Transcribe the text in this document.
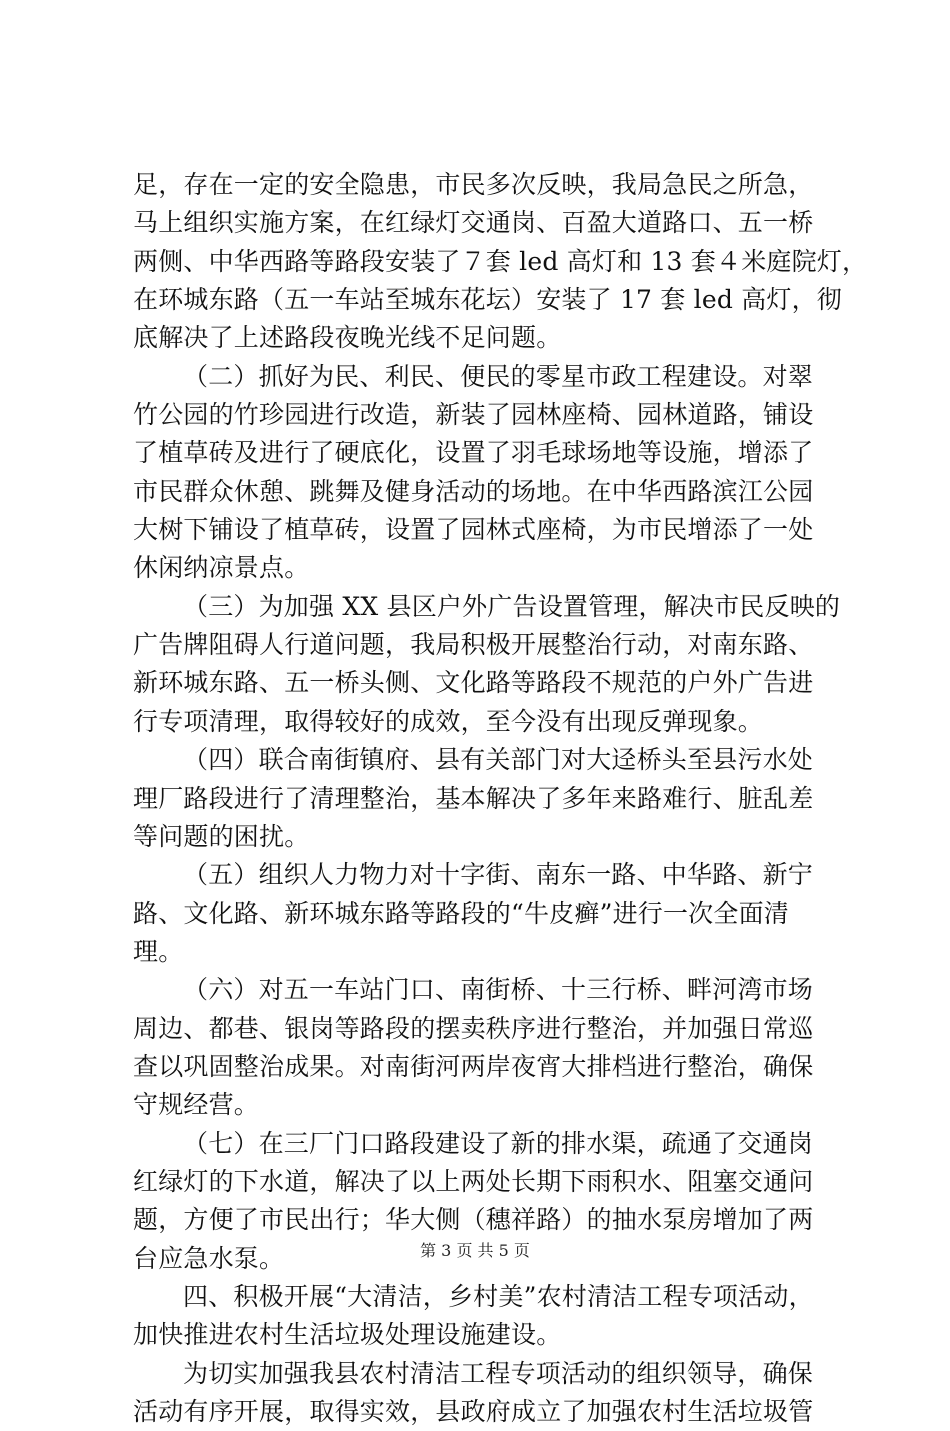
足，存在一定的安全隐患，市民多次反映，我局急民之所急，
马上组织实施方案，在红绿灯交通岗、百盈大道路口、五一桥
两侧、中华西路等路段安装了７套 led 高灯和 13 套４米庭院灯，
在环城东路（五一车站至城东花坛）安装了 17 套 led 高灯，彻
底解决了上述路段夜晚光线不足问题。
（二）抓好为民、利民、便民的零星市政工程建设。对翠
竹公园的竹珍园进行改造，新装了园林座椅、园林道路，铺设
了植草砖及进行了硬底化，设置了羽毛球场地等设施，增添了
市民群众休憩、跳舞及健身活动的场地。在中华西路滨江公园
大树下铺设了植草砖，设置了园林式座椅，为市民增添了一处
休闲纳凉景点。
（三）为加强 XX 县区户外广告设置管理，解决市民反映的
广告牌阻碍人行道问题，我局积极开展整治行动，对南东路、
新环城东路、五一桥头侧、文化路等路段不规范的户外广告进
行专项清理，取得较好的成效，至今没有出现反弹现象。
（四）联合南街镇府、县有关部门对大迳桥头至县污水处
理厂路段进行了清理整治，基本解决了多年来路难行、脏乱差
等问题的困扰。
（五）组织人力物力对十字街、南东一路、中华路、新宁
路、文化路、新环城东路等路段的“牛皮癣”进行一次全面清
理。
（六）对五一车站门口、南街桥、十三行桥、畔河湾市场
周边、都巷、银岗等路段的摆卖秩序进行整治，并加强日常巡
查以巩固整治成果。对南街河两岸夜宵大排档进行整治，确保
守规经营。
（七）在三厂门口路段建设了新的排水渠，疏通了交通岗
红绿灯的下水道，解决了以上两处长期下雨积水、阻塞交通问
题，方便了市民出行；华大侧（穗祥路）的抽水泵房增加了两
台应急水泵。
四、积极开展“大清洁，乡村美”农村清洁工程专项活动，
加快推进农村生活垃圾处理设施建设。
为切实加强我县农村清洁工程专项活动的组织领导，确保
活动有序开展，取得实效，县政府成立了加强农村生活垃圾管
第 3 页 共 5 页
